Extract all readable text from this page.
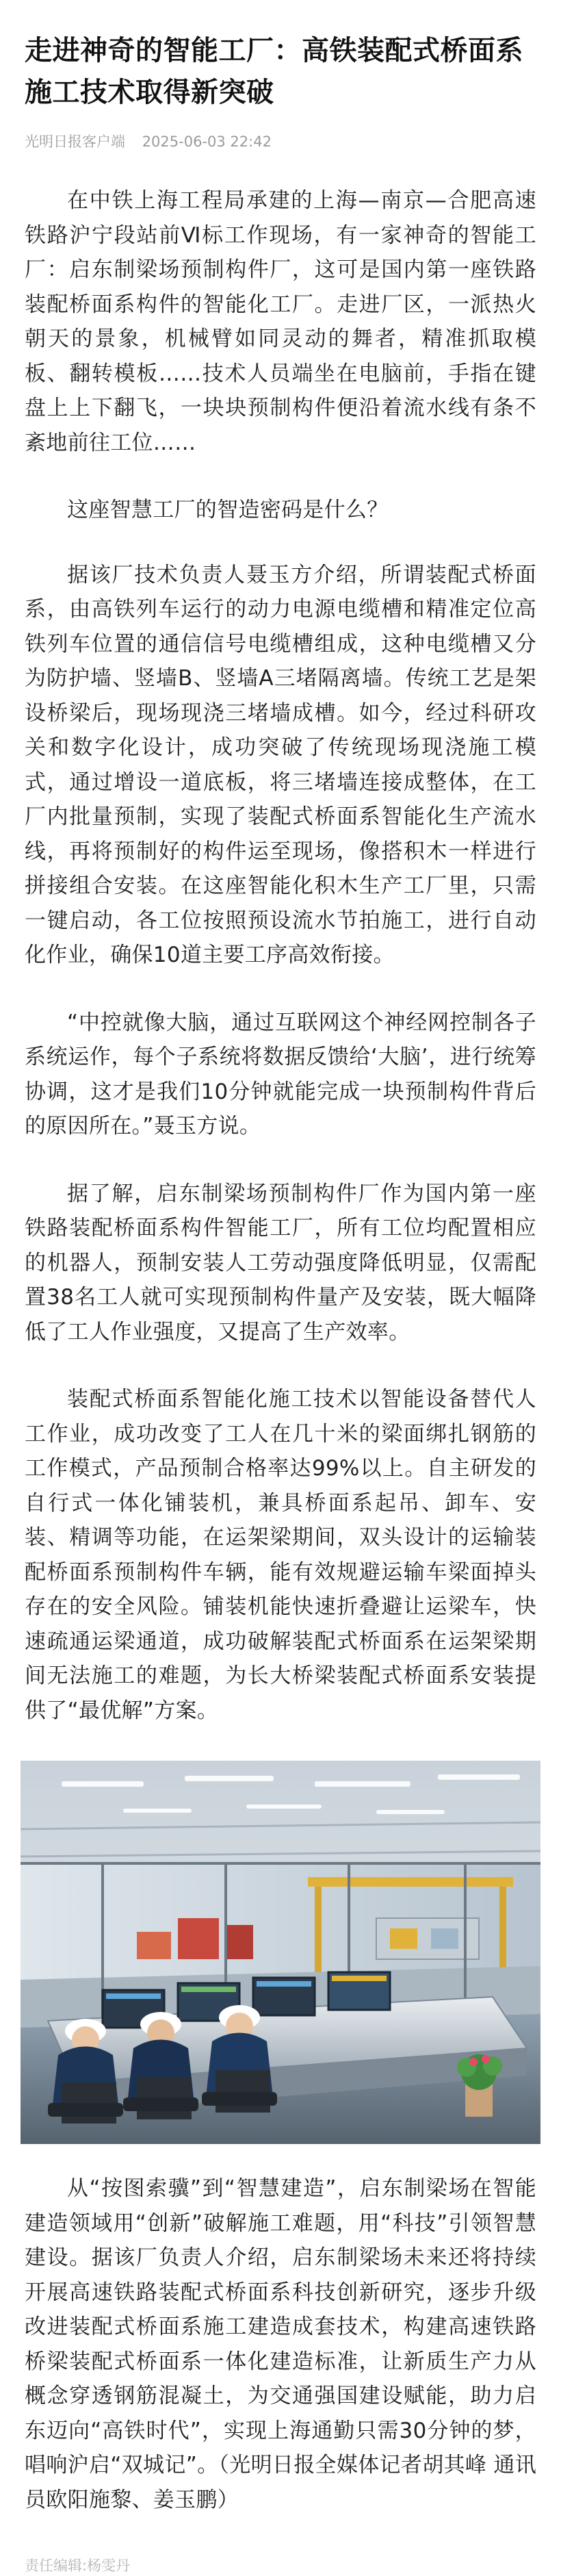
走进神奇的智能工厂：高铁装配式桥面系施工技术取得新突破
光明日报客户端 2025-06-03 22:42

在中铁上海工程局承建的上海—南京—合肥高速铁路沪宁段站前Ⅵ标工作现场，有一家神奇的智能工厂：启东制梁场预制构件厂，这可是国内第一座铁路装配桥面系构件的智能化工厂。走进厂区，一派热火朝天的景象，机械臂如同灵动的舞者，精准抓取模板、翻转模板……技术人员端坐在电脑前，手指在键盘上上下翻飞，一块块预制构件便沿着流水线有条不紊地前往工位……

这座智慧工厂的智造密码是什么？

据该厂技术负责人聂玉方介绍，所谓装配式桥面系，由高铁列车运行的动力电源电缆槽和精准定位高铁列车位置的通信信号电缆槽组成，这种电缆槽又分为防护墙、竖墙B、竖墙A三堵隔离墙。传统工艺是架设桥梁后，现场现浇三堵墙成槽。如今，经过科研攻关和数字化设计，成功突破了传统现场现浇施工模式，通过增设一道底板，将三堵墙连接成整体，在工厂内批量预制，实现了装配式桥面系智能化生产流水线，再将预制好的构件运至现场，像搭积木一样进行拼接组合安装。在这座智能化积木生产工厂里，只需一键启动，各工位按照预设流水节拍施工，进行自动化作业，确保10道主要工序高效衔接。

“中控就像大脑，通过互联网这个神经网控制各子系统运作，每个子系统将数据反馈给‘大脑’，进行统筹协调，这才是我们10分钟就能完成一块预制构件背后的原因所在。”聂玉方说。

据了解，启东制梁场预制构件厂作为国内第一座铁路装配桥面系构件智能工厂，所有工位均配置相应的机器人，预制安装人工劳动强度降低明显，仅需配置38名工人就可实现预制构件量产及安装，既大幅降低了工人作业强度，又提高了生产效率。

装配式桥面系智能化施工技术以智能设备替代人工作业，成功改变了工人在几十米的梁面绑扎钢筋的工作模式，产品预制合格率达99%以上。自主研发的自行式一体化铺装机，兼具桥面系起吊、卸车、安装、精调等功能，在运架梁期间，双头设计的运输装配桥面系预制构件车辆，能有效规避运输车梁面掉头存在的安全风险。铺装机能快速折叠避让运梁车，快速疏通运梁通道，成功破解装配式桥面系在运架梁期间无法施工的难题，为长大桥梁装配式桥面系安装提供了“最优解”方案。

从“按图索骥”到“智慧建造”，启东制梁场在智能建造领域用“创新”破解施工难题，用“科技”引领智慧建设。据该厂负责人介绍，启东制梁场未来还将持续开展高速铁路装配式桥面系科技创新研究，逐步升级改进装配式桥面系施工建造成套技术，构建高速铁路桥梁装配式桥面系一体化建造标准，让新质生产力从概念穿透钢筋混凝土，为交通强国建设赋能，助力启东迈向“高铁时代”，实现上海通勤只需30分钟的梦，唱响沪启“双城记”。（光明日报全媒体记者胡其峰 通讯员欧阳施黎、姜玉鹏）

责任编辑:杨雯丹
